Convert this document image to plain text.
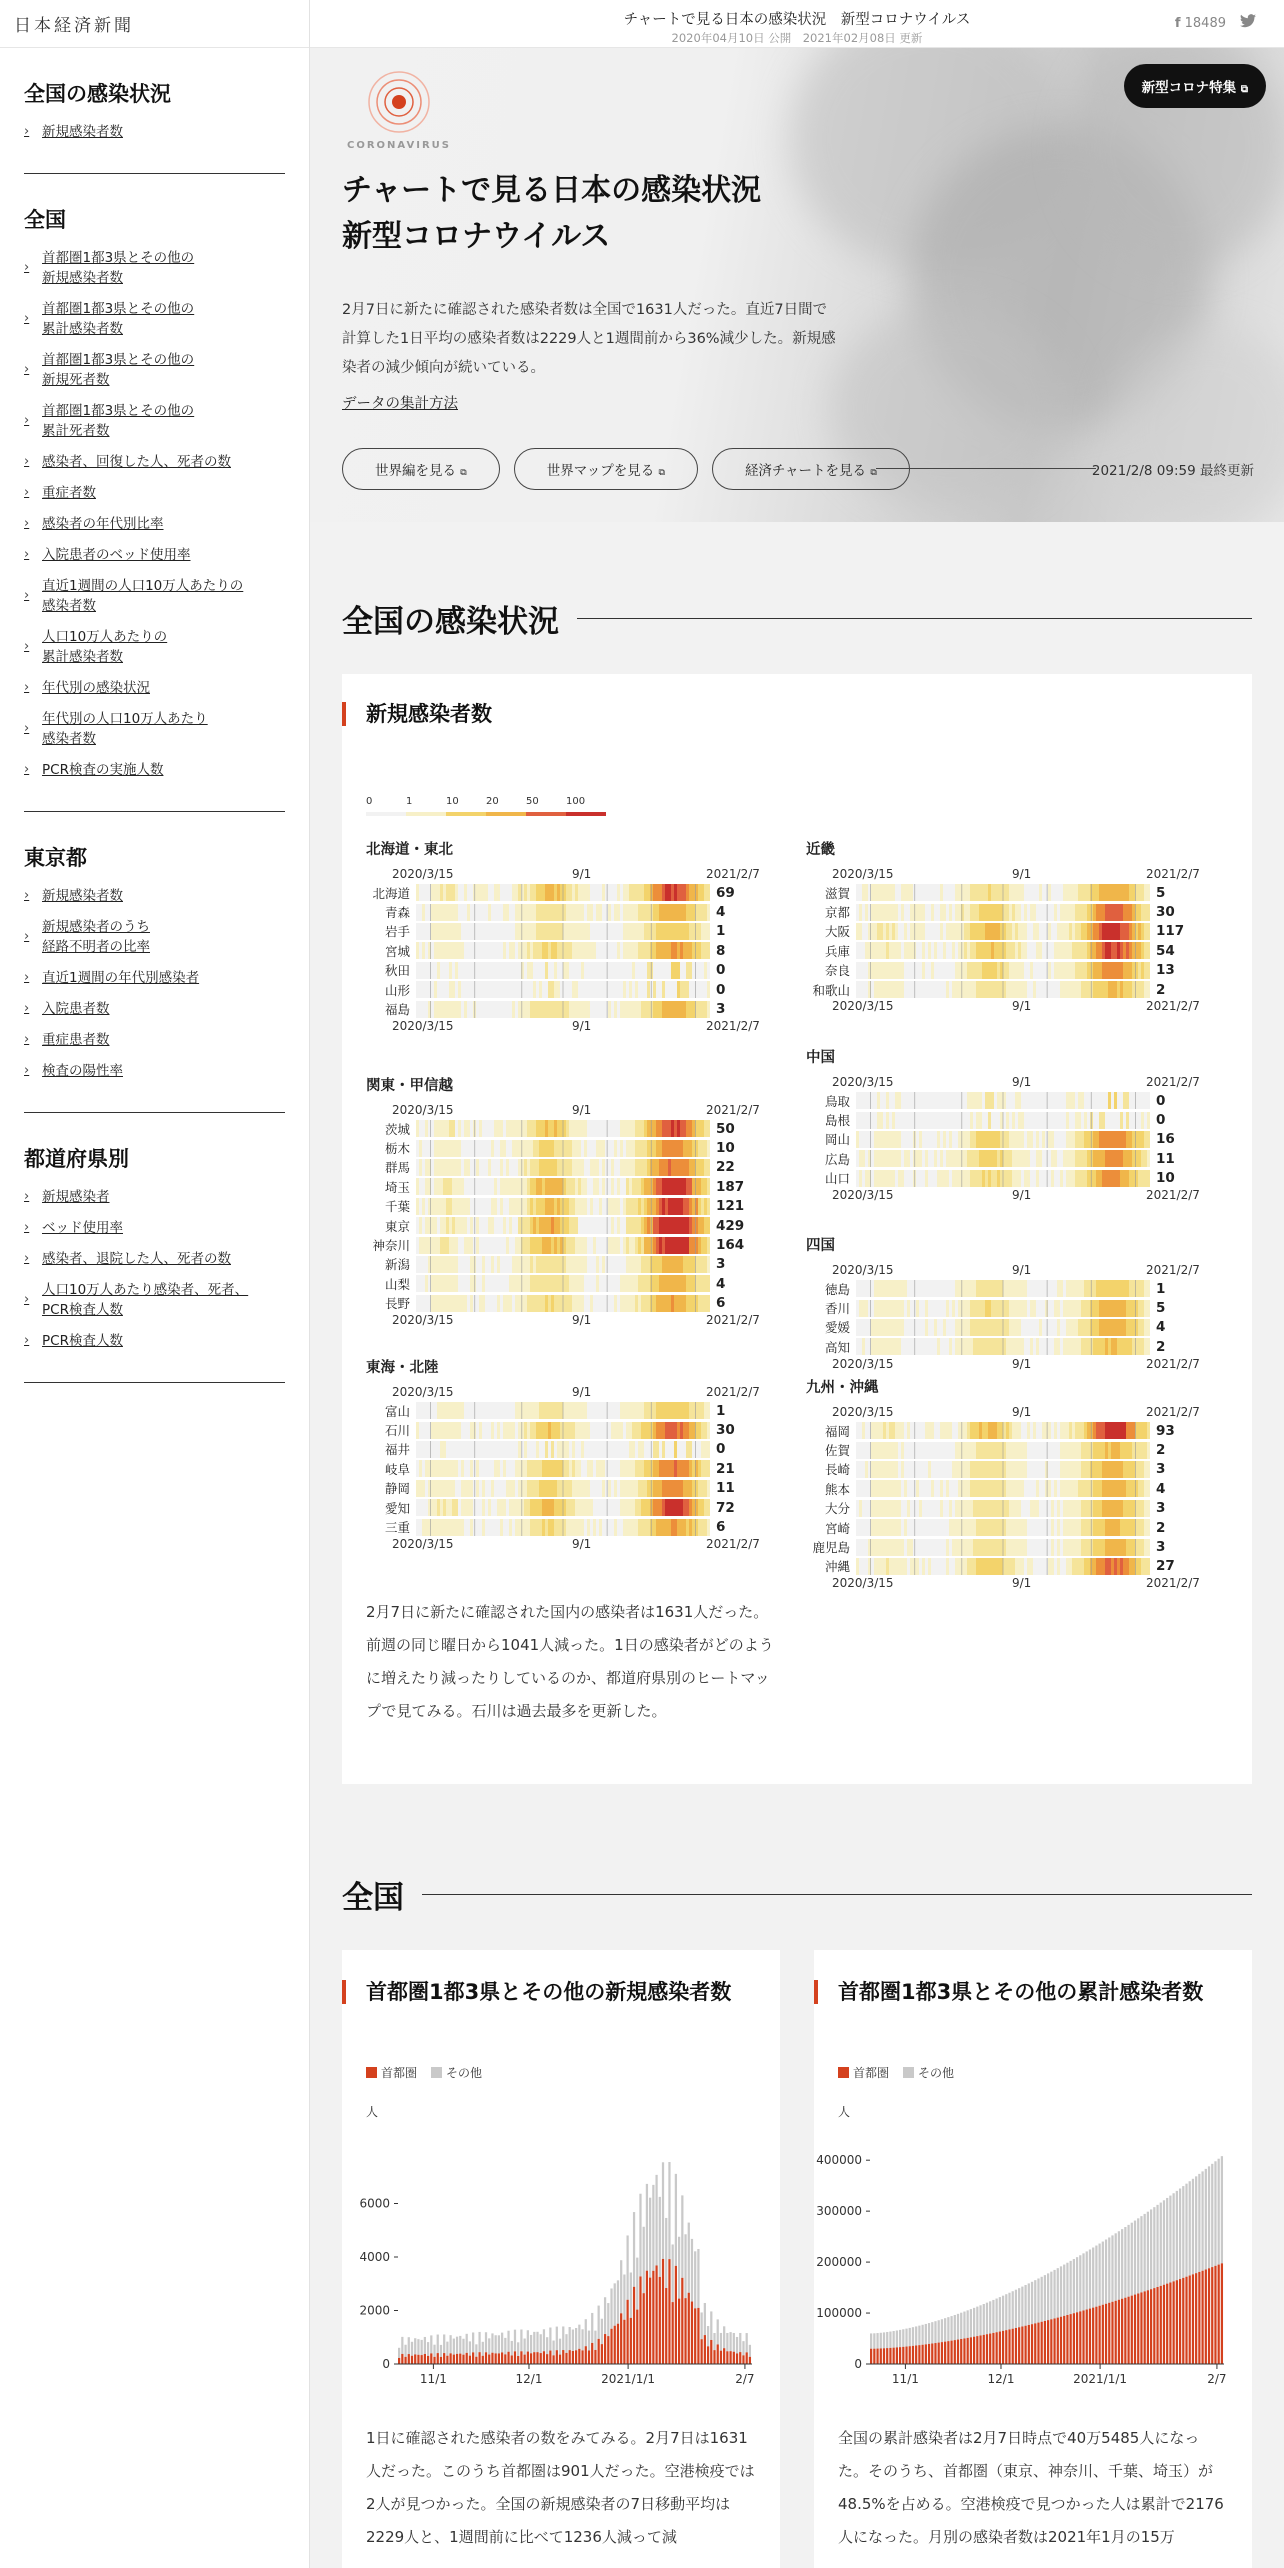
日本経済新聞
全国の感染状況
› 新規感染者数
全国
›
首都圏1都3県とその他の
新規感染者数
›
首都圏1都3県とその他の
累計感染者数
›
首都圏1都3県とその他の
新規死者数
›
首都圏1都3県とその他の
累計死者数
› 感染者、回復した人、死者の数
› 重症者数
› 感染者の年代別比率
› 入院患者のベッド使用率
›
直近1週間の人口10万人あたりの
感染者数
›
人口10万人あたりの
累計感染者数
› 年代別の感染状況
›
年代別の人口10万人あたり
感染者数
› PCR検査の実施人数
東京都
› 新規感染者数
›
新規感染者のうち
経路不明者の比率
› 直近1週間の年代別感染者
› 入院患者数
› 重症患者数
› 検査の陽性率
都道府県別
› 新規感染者
› ベッド使用率
› 感染者、退院した人、死者の数
›
人口10万人あたり感染者、死者、
PCR検査人数
› PCR検査人数
チャートで見る日本の感染状況　新型コロナウイルス
2020年04月10日 公開　2021年02月08日 更新
f 18489
CORONAVIRUS
新型コロナ特集 ⧉
チャートで見る日本の感染状況
新型コロナウイルス
2月7日に新たに確認された感染者数は全国で1631人だった。直近7日間で計算した1日平均の感染者数は2229人と1週間前から36%減少した。新規感染者の減少傾向が続いている。
データの集計方法
世界編を見る ⧉	世界マップを見る ⧉	経済チャートを見る ⧉	2021/2/8 09:59 最終更新
全国の感染状況
新規感染者数
0	1	10	20	50	100
北海道・東北
2020/3/15	9/1	2021/2/7
北海道	69
青森	4
岩手	1
宮城	8
秋田	0
山形	0
福島	3
2020/3/15	9/1	2021/2/7
関東・甲信越
2020/3/15	9/1	2021/2/7
茨城	50
栃木	10
群馬	22
埼玉	187
千葉	121
東京	429
神奈川	164
新潟	3
山梨	4
長野	6
2020/3/15	9/1	2021/2/7
東海・北陸
2020/3/15	9/1	2021/2/7
富山	1
石川	30
福井	0
岐阜	21
静岡	11
愛知	72
三重	6
2020/3/15	9/1	2021/2/7
近畿
2020/3/15	9/1	2021/2/7
滋賀	5
京都	30
大阪	117
兵庫	54
奈良	13
和歌山	2
2020/3/15	9/1	2021/2/7
中国
2020/3/15	9/1	2021/2/7
鳥取	0
島根	0
岡山	16
広島	11
山口	10
2020/3/15	9/1	2021/2/7
四国
2020/3/15	9/1	2021/2/7
徳島	1
香川	5
愛媛	4
高知	2
2020/3/15	9/1	2021/2/7
九州・沖縄
2020/3/15	9/1	2021/2/7
福岡	93
佐賀	2
長崎	3
熊本	4
大分	3
宮崎	2
鹿児島	3
沖縄	27
2020/3/15	9/1	2021/2/7
2月7日に新たに確認された国内の感染者は1631人だった。前週の同じ曜日から1041人減った。1日の感染者がどのように増えたり減ったりしているのか、都道府県別のヒートマップで見てみる。石川は過去最多を更新した。
全国
首都圏1都3県とその他の新規感染者数
首都圏	その他
人
0
2000
4000
6000
11/1	12/1	2021/1/1	2/7
1日に確認された感染者の数をみてみる。2月7日は1631人だった。このうち首都圏は901人だった。空港検疫では2人が見つかった。全国の新規感染者の7日移動平均は2229人と、1週間前に比べて1236人減って減
首都圏1都3県とその他の累計感染者数
首都圏	その他
人
0
100000
200000
300000
400000
11/1	12/1	2021/1/1	2/7
全国の累計感染者は2月7日時点で40万5485人になった。そのうち、首都圏（東京、神奈川、千葉、埼玉）が48.5%を占める。空港検疫で見つかった人は累計で2176人になった。月別の感染者数は2021年1月の15万
